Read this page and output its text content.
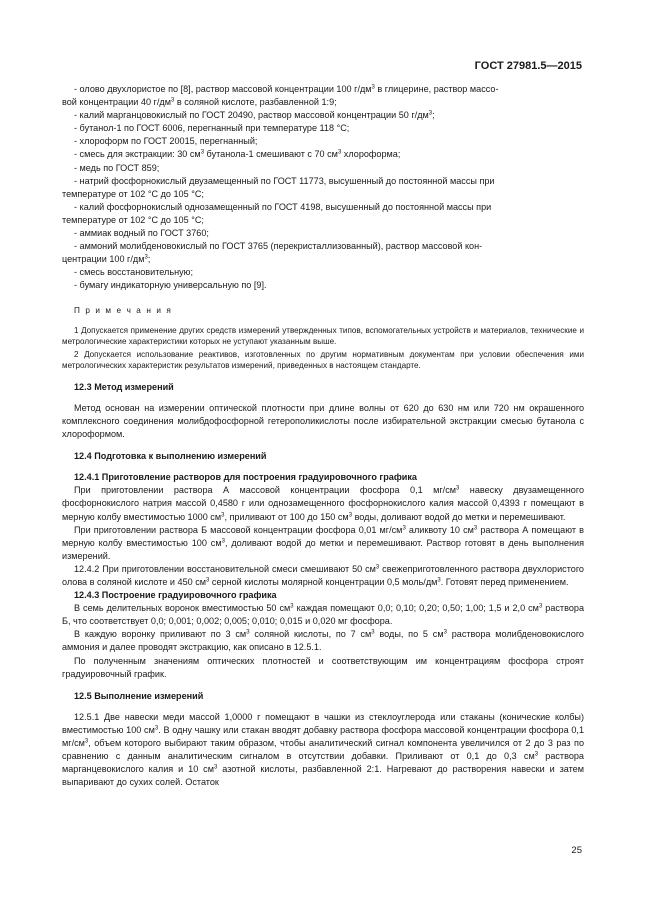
ГОСТ 27981.5—2015

- олово двухлористое по [8], раствор массовой концентрации 100 $г/дм^3$ в глицерине, раствор массо-

вой концентрации 40 $г/дм^3$ в соляной кислоте, разбавленной 1:9;

- калий марганцовокислый по ГОСТ 20490, раствор массовой концентрации 50 $г/дм^3$;

- бутанол-1 по ГОСТ 6006, перегнанный при температуре 118 °С;

- хлороформ по ГОСТ 20015, перегнанный;

- смесь для экстракции: 30 $см^3$ бутанола-1 смешивают с 70 $см^3$ хлороформа;

- медь по ГОСТ 859;

- натрий фосфорнокислый двузамещенный по ГОСТ 11773, высушенный до постоянной массы при

температуре от 102 °С до 105 °С;

- калий фосфорнокислый однозамещенный по ГОСТ 4198, высушенный до постоянной массы при

температуре от 102 °С до 105 °С;

- аммиак водный по ГОСТ 3760;

- аммоний молибденовокислый по ГОСТ 3765 (перекристаллизованный), раствор массовой кон-

центрации 100 $г/дм^3$;

- смесь восстановительную;

- бумагу индикаторную универсальную по [9].

П р и м е ч а н и я

1 Допускается применение других средств измерений утвержденных типов, вспомогательных устройств и материалов, технические и метрологические характеристики которых не уступают указанным выше.

2 Допускается использование реактивов, изготовленных по другим нормативным документам при условии обеспечения ими метрологических характеристик результатов измерений, приведенных в настоящем стандарте.

12.3 Метод измерений

Метод основан на измерении оптической плотности при длине волны от 620 до 630 нм или 720 нм окрашенного комплексного соединения молибдофосфорной гетерополикислоты после избирательной экстракции смесью бутанола с хлороформом.

12.4 Подготовка к выполнению измерений

12.4.1 Приготовление растворов для построения градуировочного графика

При приготовлении раствора А массовой концентрации фосфора 0,1 $мг/см^3$ навеску двузамещенного фосфорнокислого натрия массой 0,4580 г или однозамещенного фосфорнокислого калия массой 0,4393 г помещают в мерную колбу вместимостью 1000 $см^3$, приливают от 100 до 150 $см^3$ воды, доливают водой до метки и перемешивают.

При приготовлении раствора Б массовой концентрации фосфора 0,01 $мг/см^3$ аликвоту 10 $см^3$ раствора А помещают в мерную колбу вместимостью 100 $см^3$, доливают водой до метки и перемешивают. Раствор готовят в день выполнения измерений.

12.4.2 При приготовлении восстановительной смеси смешивают 50 $см^3$ свежеприготовленного раствора двухлористого олова в соляной кислоте и 450 $см^3$ серной кислоты молярной концентрации 0,5 моль/$дм^3$. Готовят перед применением.

12.4.3 Построение градуировочного графика

В семь делительных воронок вместимостью 50 $см^3$ каждая помещают 0,0; 0,10; 0,20; 0,50; 1,00; 1,5 и 2,0 $см^3$ раствора Б, что соответствует 0,0; 0,001; 0,002; 0,005; 0,010; 0,015 и 0,020 мг фосфора.

В каждую воронку приливают по 3 $см^3$ соляной кислоты, по 7 $см^3$ воды, по 5 $см^3$ раствора молибденовокислого аммония и далее проводят экстракцию, как описано в 12.5.1.

По полученным значениям оптических плотностей и соответствующим им концентрациям фосфора строят градуировочный график.

12.5 Выполнение измерений

12.5.1 Две навески меди массой 1,0000 г помещают в чашки из стеклоуглерода или стаканы (конические колбы) вместимостью 100 $см^3$. В одну чашку или стакан вводят добавку раствора фосфора массовой концентрации фосфора 0,1 $мг/см^3$, объем которого выбирают таким образом, чтобы аналитический сигнал компонента увеличился от 2 до 3 раз по сравнению с данным аналитическим сигналом в отсутствии добавки. Приливают от 0,1 до 0,3 $см^3$ раствора марганцевокислого калия и 10 $см^3$ азотной кислоты, разбавленной 2:1. Нагревают до растворения навески и затем выпаривают до сухих солей. Остаток

25
